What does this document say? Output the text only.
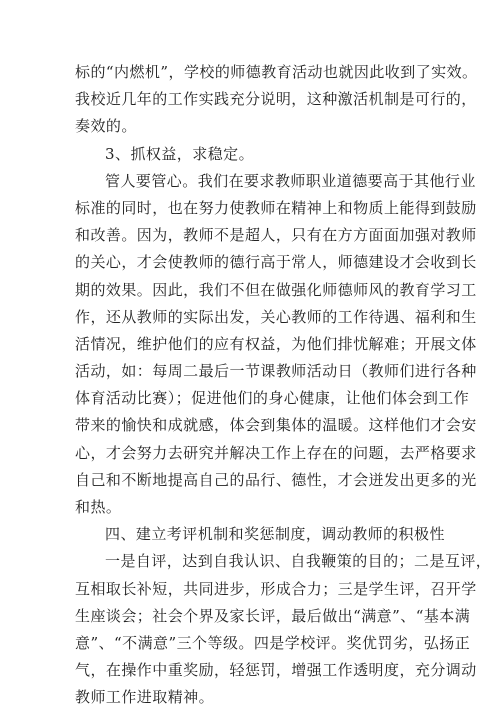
标的“内燃机”，学校的师德教育活动也就因此收到了实效。
我校近几年的工作实践充分说明，这种激活机制是可行的，
奏效的。
3、抓权益，求稳定。
管人要管心。我们在要求教师职业道德要高于其他行业
标准的同时，也在努力使教师在精神上和物质上能得到鼓励
和改善。因为，教师不是超人，只有在方方面面加强对教师
的关心，才会使教师的德行高于常人，师德建设才会收到长
期的效果。因此，我们不但在做强化师德师风的教育学习工
作，还从教师的实际出发，关心教师的工作待遇、福利和生
活情况，维护他们的应有权益，为他们排忧解难；开展文体
活动，如：每周二最后一节课教师活动日（教师们进行各种
体育活动比赛）；促进他们的身心健康，让他们体会到工作
带来的愉快和成就感，体会到集体的温暖。这样他们才会安
心，才会努力去研究并解决工作上存在的问题，去严格要求
自己和不断地提高自己的品行、德性，才会迸发出更多的光
和热。
四、建立考评机制和奖惩制度，调动教师的积极性
一是自评，达到自我认识、自我鞭策的目的；二是互评，
互相取长补短，共同进步，形成合力；三是学生评，召开学
生座谈会；社会个界及家长评，最后做出“满意”、“基本满
意”、“不满意”三个等级。四是学校评。奖优罚劣，弘扬正
气，在操作中重奖励，轻惩罚，增强工作透明度，充分调动
教师工作进取精神。
